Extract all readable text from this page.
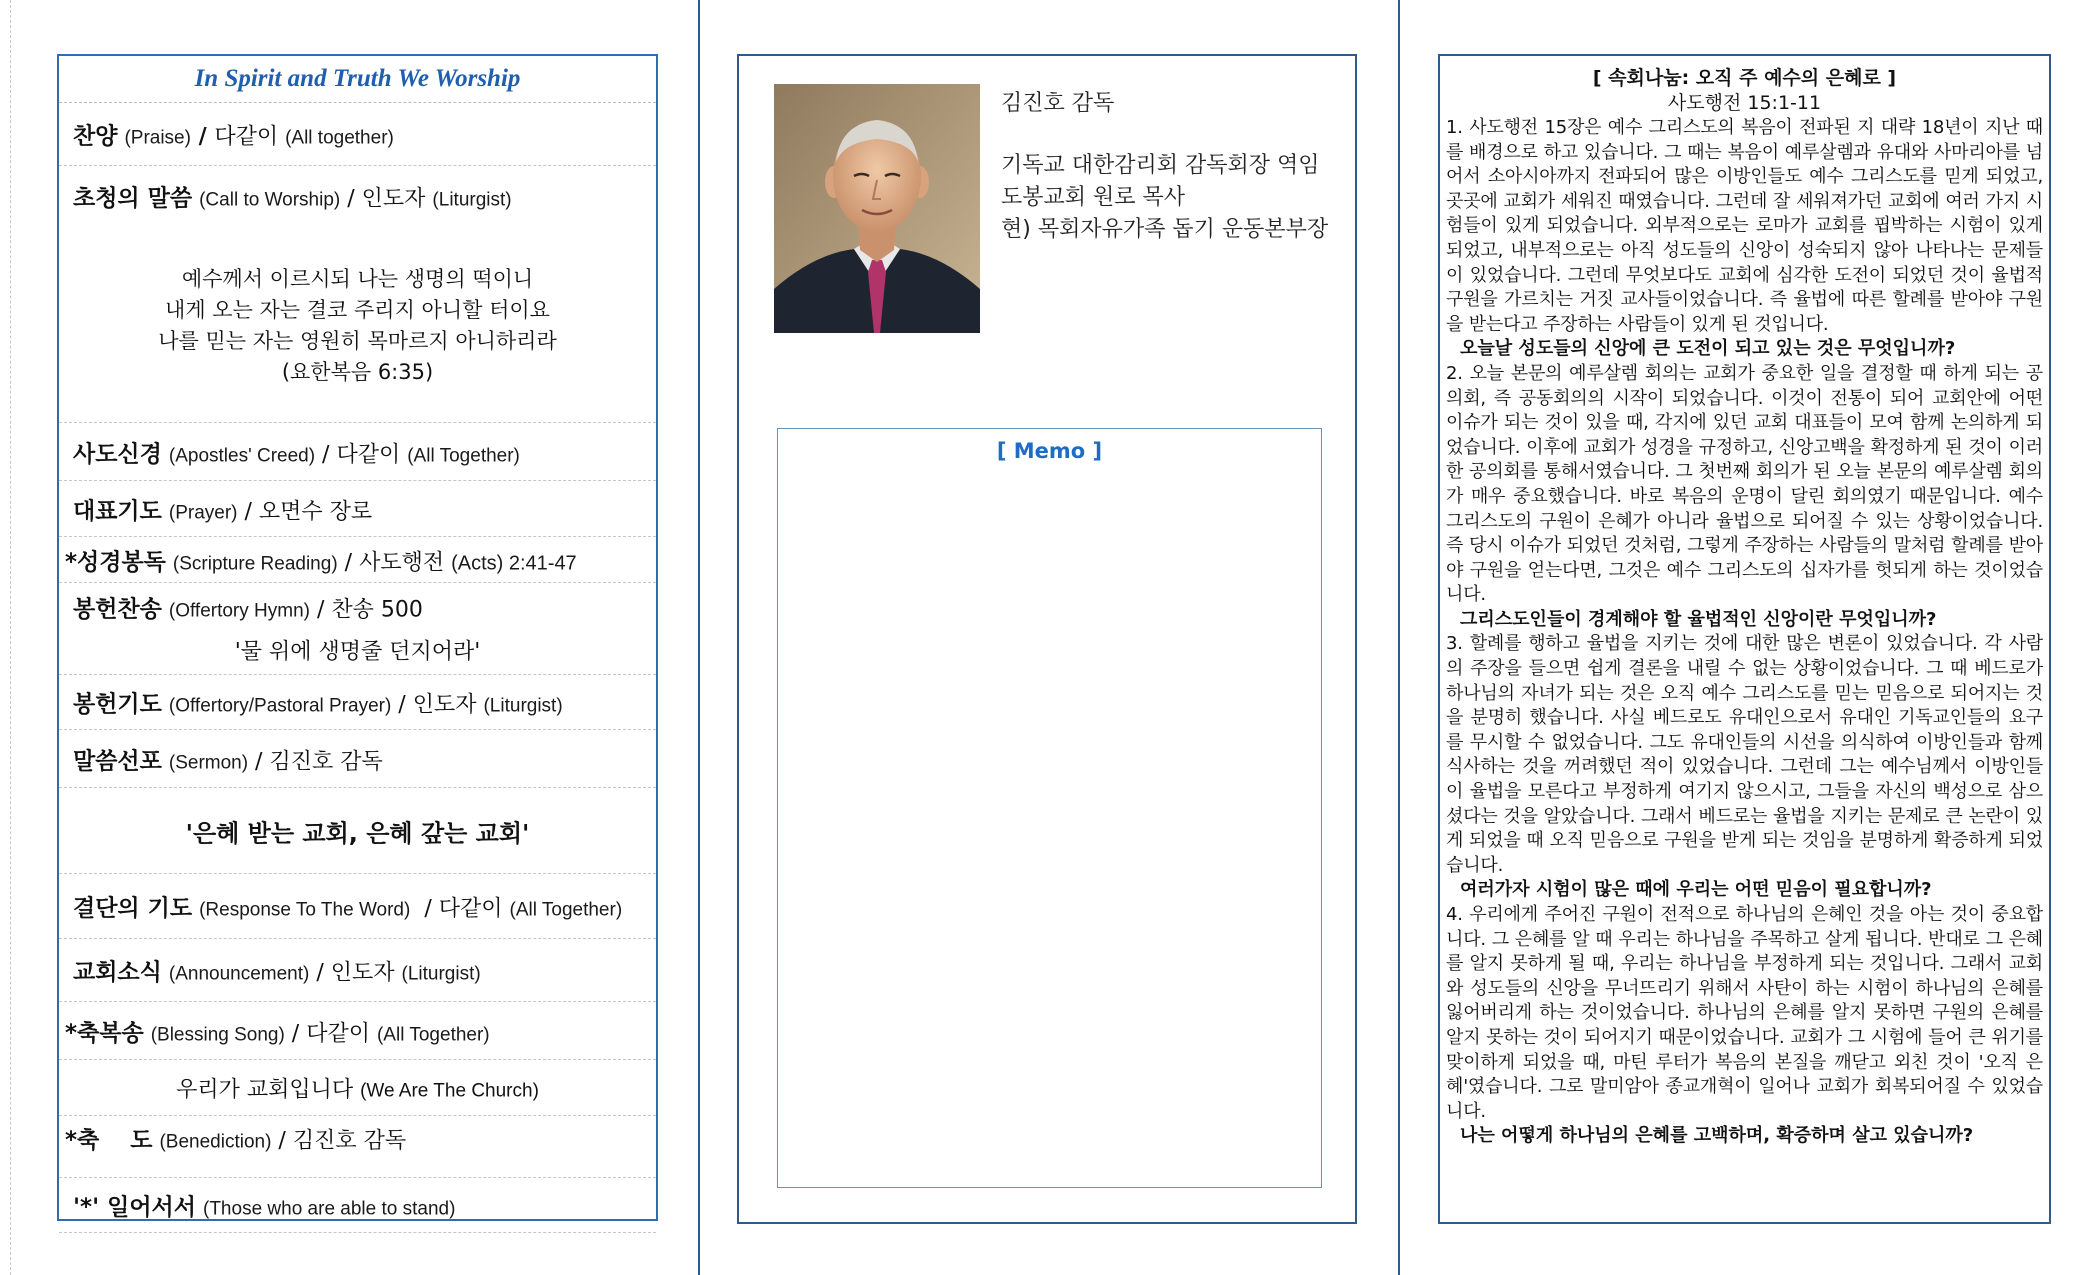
In Spirit and Truth We Worship
찬양 (Praise) / 다같이 (All together)
초청의 말씀 (Call to Worship) / 인도자 (Liturgist)
예수께서 이르시되 나는 생명의 떡이니
내게 오는 자는 결코 주리지 아니할 터이요
나를 믿는 자는 영원히 목마르지 아니하리라
(요한복음 6:35)
사도신경 (Apostles' Creed) / 다같이 (All Together)
대표기도 (Prayer) / 오면수 장로
*성경봉독 (Scripture Reading) / 사도행전 (Acts) 2:41-47
봉헌찬송 (Offertory Hymn) / 찬송 500
'물 위에 생명줄 던지어라'
봉헌기도 (Offertory/Pastoral Prayer) / 인도자 (Liturgist)
말씀선포 (Sermon) / 김진호 감독
'은혜 받는 교회, 은혜 갚는 교회'
결단의 기도 (Response To The Word)  / 다같이 (All Together)
교회소식 (Announcement) / 인도자 (Liturgist)
*축복송 (Blessing Song) / 다같이 (All Together)
우리가 교회입니다 (We Are The Church)
*축　 도 (Benediction) / 김진호 감독
'*' 일어서서 (Those who are able to stand)
김진호 감독
기독교 대한감리회 감독회장 역임
도봉교회 원로 목사
현) 목회자유가족 돕기 운동본부장
[ Memo ]
[ 속회나눔: 오직 주 예수의 은혜로 ]
사도행전 15:1-11

1. 사도행전 15장은 예수 그리스도의 복음이 전파된 지 대략 18년이 지난 때를 배경으로 하고 있습니다. 그 때는 복음이 예루살렘과 유대와 사마리아를 넘어서 소아시아까지 전파되어 많은 이방인들도 예수 그리스도를 믿게 되었고, 곳곳에 교회가 세워진 때였습니다. 그런데 잘 세워져가던 교회에 여러 가지 시험들이 있게 되었습니다. 외부적으로는 로마가 교회를 핍박하는 시험이 있게 되었고, 내부적으로는 아직 성도들의 신앙이 성숙되지 않아 나타나는 문제들이 있었습니다. 그런데 무엇보다도 교회에 심각한 도전이 되었던 것이 율법적 구원을 가르치는 거짓 교사들이었습니다. 즉 율법에 따른 할례를 받아야 구원을 받는다고 주장하는 사람들이 있게 된 것입니다.

오늘날 성도들의 신앙에 큰 도전이 되고 있는 것은 무엇입니까?

2. 오늘 본문의 예루살렘 회의는 교회가 중요한 일을 결정할 때 하게 되는 공의회, 즉 공동회의의 시작이 되었습니다. 이것이 전통이 되어 교회안에 어떤 이슈가 되는 것이 있을 때, 각지에 있던 교회 대표들이 모여 함께 논의하게 되었습니다. 이후에 교회가 성경을 규정하고, 신앙고백을 확정하게 된 것이 이러한 공의회를 통해서였습니다. 그 첫번째 회의가 된 오늘 본문의 예루살렘 회의가 매우 중요했습니다. 바로 복음의 운명이 달린 회의였기 때문입니다. 예수 그리스도의 구원이 은혜가 아니라 율법으로 되어질 수 있는 상황이었습니다. 즉 당시 이슈가 되었던 것처럼, 그렇게 주장하는 사람들의 말처럼 할례를 받아야 구원을 얻는다면, 그것은 예수 그리스도의 십자가를 헛되게 하는 것이었습니다.

그리스도인들이 경계해야 할 율법적인 신앙이란 무엇입니까?

3. 할례를 행하고 율법을 지키는 것에 대한 많은 변론이 있었습니다. 각 사람의 주장을 들으면 쉽게 결론을 내릴 수 없는 상황이었습니다. 그 때 베드로가 하나님의 자녀가 되는 것은 오직 예수 그리스도를 믿는 믿음으로 되어지는 것을 분명히 했습니다. 사실 베드로도 유대인으로서 유대인 기독교인들의 요구를 무시할 수 없었습니다. 그도 유대인들의 시선을 의식하여 이방인들과 함께 식사하는 것을 꺼려했던 적이 있었습니다. 그런데 그는 예수님께서 이방인들이 율법을 모른다고 부정하게 여기지 않으시고, 그들을 자신의 백성으로 삼으셨다는 것을 알았습니다. 그래서 베드로는 율법을 지키는 문제로 큰 논란이 있게 되었을 때 오직 믿음으로 구원을 받게 되는 것임을 분명하게 확증하게 되었습니다.

여러가자 시험이 많은 때에 우리는 어떤 믿음이 필요합니까?

4. 우리에게 주어진 구원이 전적으로 하나님의 은혜인 것을 아는 것이 중요합니다. 그 은혜를 알 때 우리는 하나님을 주목하고 살게 됩니다. 반대로 그 은혜를 알지 못하게 될 때, 우리는 하나님을 부정하게 되는 것입니다. 그래서 교회와 성도들의 신앙을 무너뜨리기 위해서 사탄이 하는 시험이 하나님의 은혜를 잃어버리게 하는 것이었습니다. 하나님의 은혜를 알지 못하면 구원의 은혜를 알지 못하는 것이 되어지기 때문이었습니다. 교회가 그 시험에 들어 큰 위기를 맞이하게 되었을 때, 마틴 루터가 복음의 본질을 깨닫고 외친 것이 '오직 은혜'였습니다. 그로 말미암아 종교개혁이 일어나 교회가 회복되어질 수 있었습니다.

나는 어떻게 하나님의 은혜를 고백하며, 확증하며 살고 있습니까?
